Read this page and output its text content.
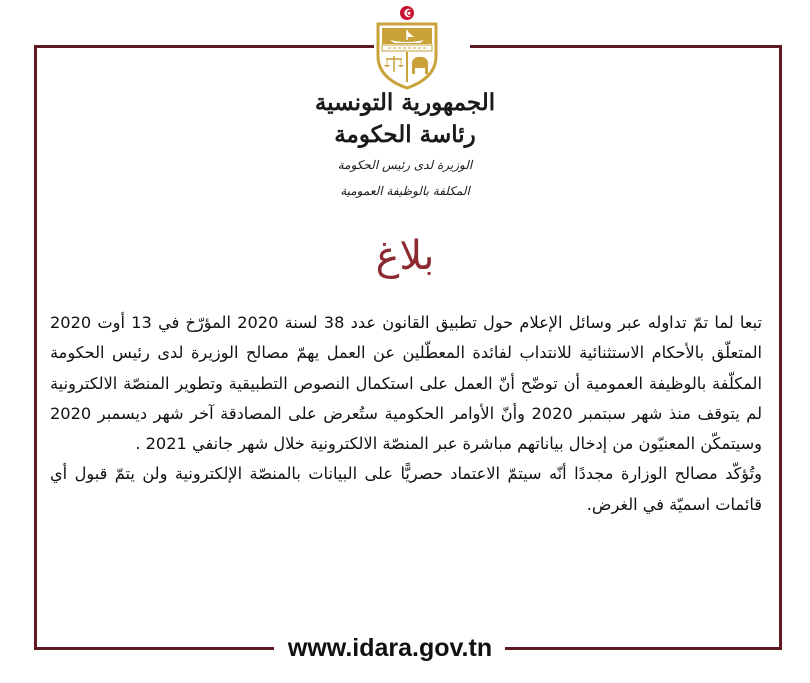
الجمهورية التونسية
رئاسة الحكومة
الوزيرة لدى رئيس الحكومة
المكلفة بالوظيفة العمومية
بلاغ

تبعا لما تمّ تداوله عبر وسائل الإعلام حول تطبيق القانون عدد 38 لسنة 2020 المؤرّخ في 13 أوت 2020 المتعلّق بالأحكام الاستثنائية للانتداب لفائدة المعطّلين عن العمل يهمّ مصالح الوزيرة لدى رئيس الحكومة المكلّفة بالوظيفة العمومية أن توضّح أنّ العمل على استكمال النصوص التطبيقية وتطوير المنصّة الالكترونية لم يتوقف منذ شهر سبتمبر 2020 وأنّ الأوامر الحكومية ستُعرض على المصادقة آخر شهر ديسمبر 2020 وسيتمكّن المعنيّون من إدخال بياناتهم مباشرة عبر المنصّة الالكترونية خلال شهر جانفي 2021 .

وتُؤكّد مصالح الوزارة مجددًا أنّه سيتمّ الاعتماد حصريًّا على البيانات بالمنصّة الإلكترونية ولن يتمّ قبول أي قائمات اسميّة في الغرض.

www.idara.gov.tn
